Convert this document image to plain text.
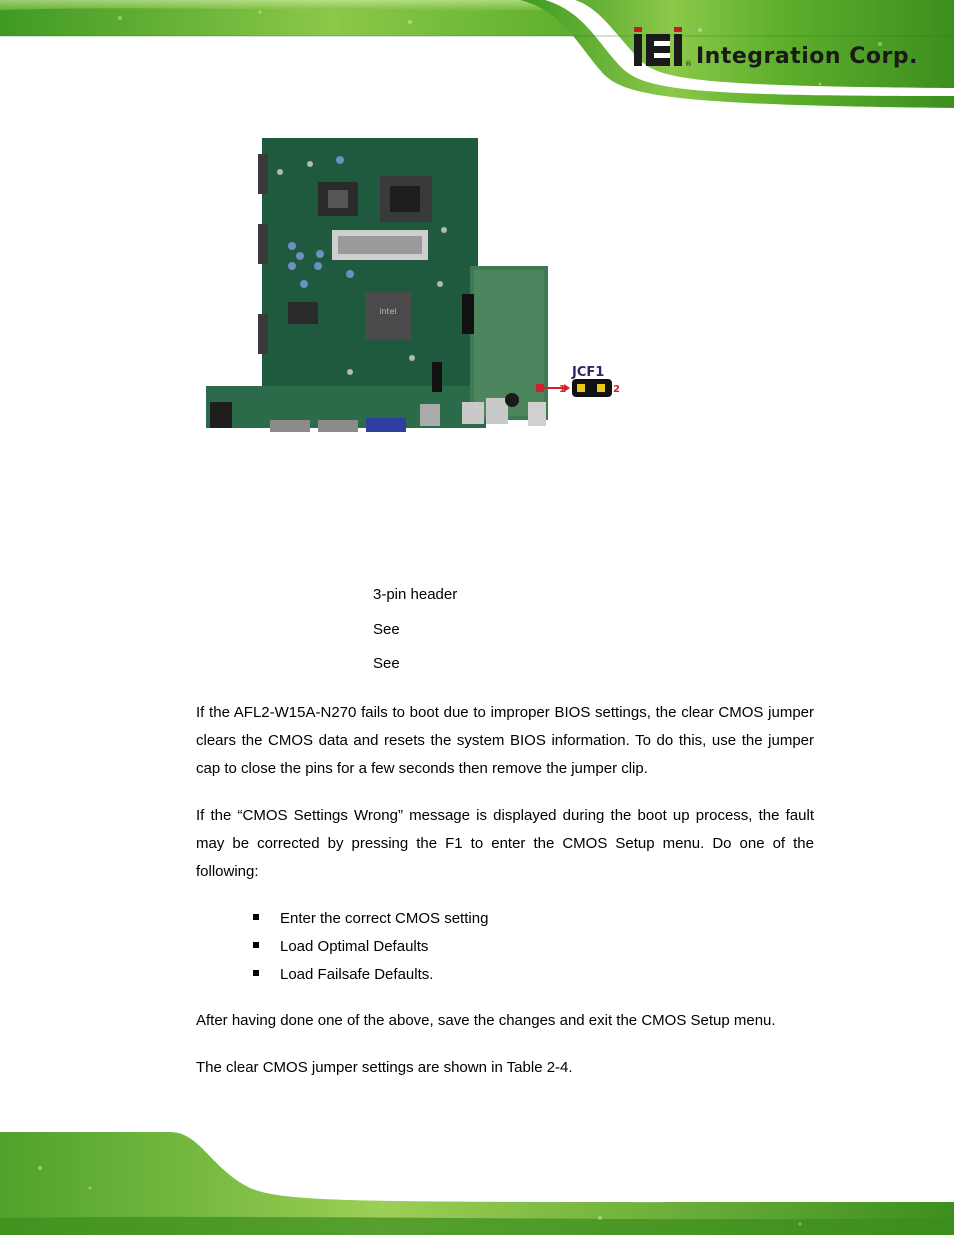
® Integration Corp.
intel
JCF1
1	2
3-pin header
See
See

If the AFL2-W15A-N270 fails to boot due to improper BIOS settings, the clear CMOS jumper clears the CMOS data and resets the system BIOS information. To do this, use the jumper cap to close the pins for a few seconds then remove the jumper clip.

If the “CMOS Settings Wrong” message is displayed during the boot up process, the fault may be corrected by pressing the F1 to enter the CMOS Setup menu. Do one of the following:

Enter the correct CMOS setting
Load Optimal Defaults
Load Failsafe Defaults.

After having done one of the above, save the changes and exit the CMOS Setup menu.

The clear CMOS jumper settings are shown in Table 2-4.
